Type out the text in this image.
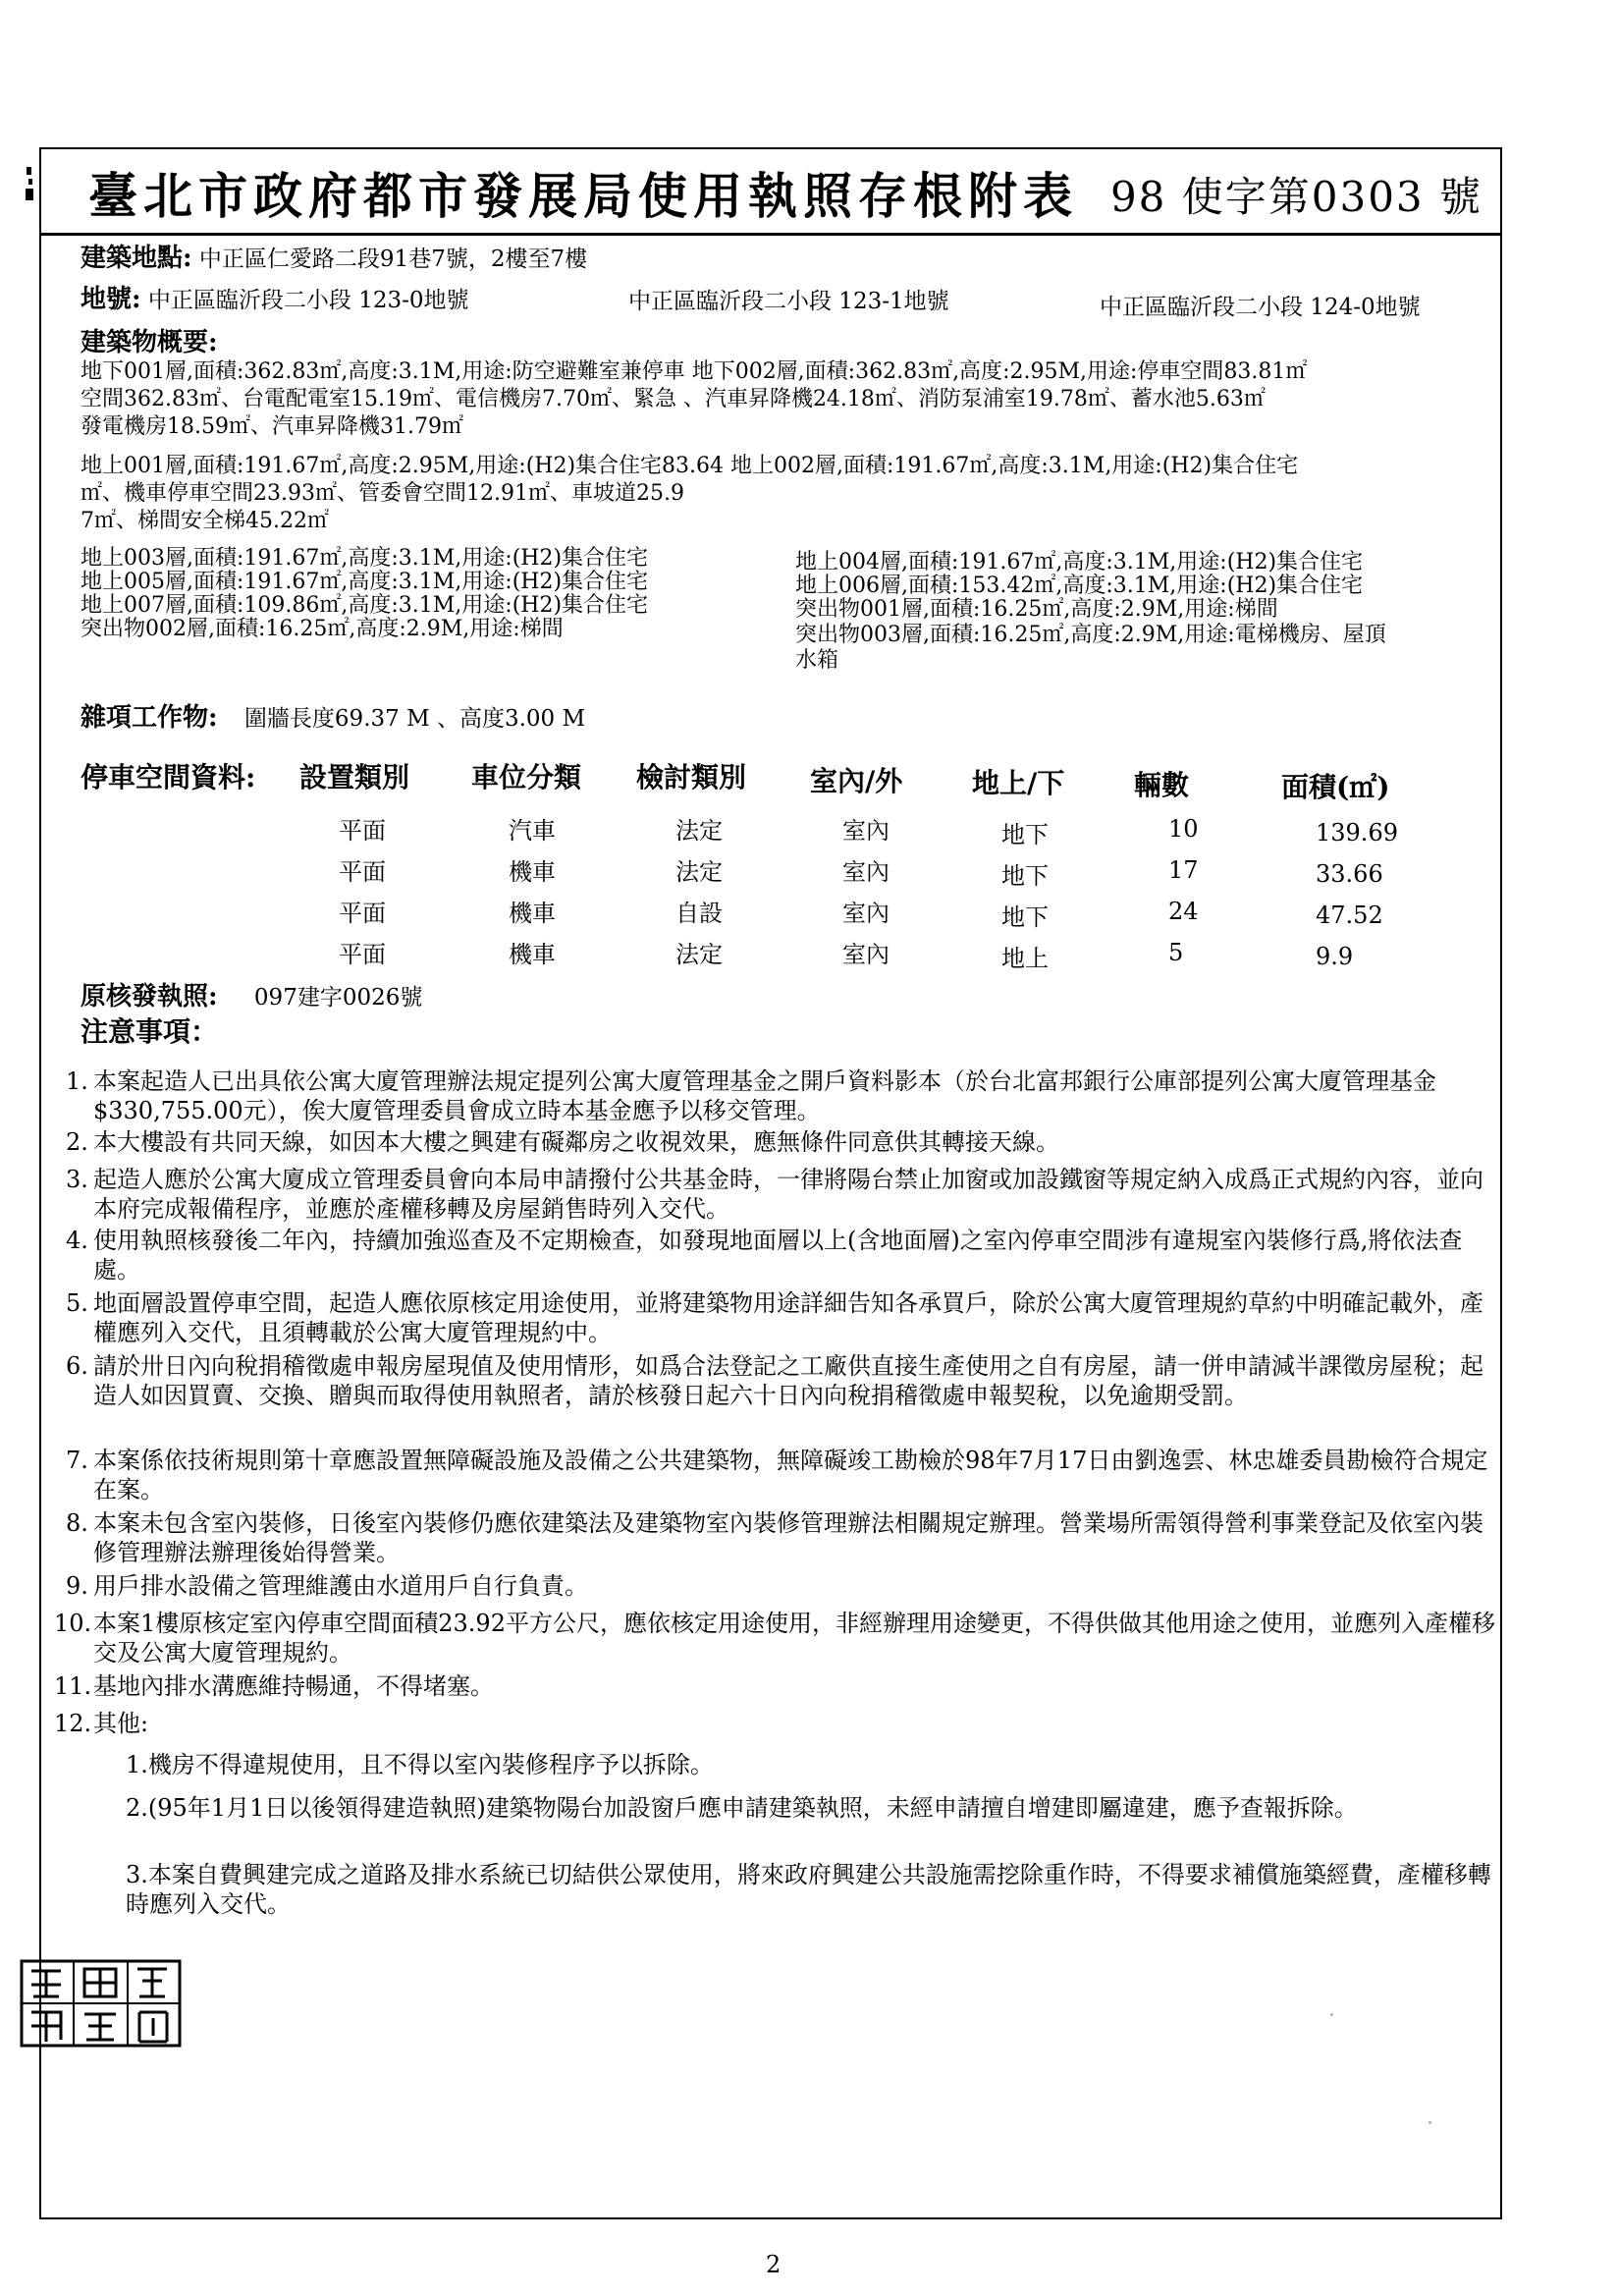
臺北市政府都市發展局使用執照存根附表 98 使字第0303 號
建築地點: 中正區仁愛路二段91巷7號，2樓至7樓
地號: 中正區臨沂段二小段 123-0地號	中正區臨沂段二小段 123-1地號	中正區臨沂段二小段 124-0地號
建築物概要:
地下001層,面積:362.83㎡,高度:3.1M,用途:防空避難室兼停車 地下002層,面積:362.83㎡,高度:2.95M,用途:停車空間83.81㎡
空間362.83㎡、台電配電室15.19㎡、電信機房7.70㎡、緊急 、汽車昇降機24.18㎡、消防泵浦室19.78㎡、蓄水池5.63㎡
發電機房18.59㎡、汽車昇降機31.79㎡
地上001層,面積:191.67㎡,高度:2.95M,用途:(H2)集合住宅83.64 地上002層,面積:191.67㎡,高度:3.1M,用途:(H2)集合住宅
㎡、機車停車空間23.93㎡、管委會空間12.91㎡、車坡道25.9
7㎡、梯間安全梯45.22㎡
地上003層,面積:191.67㎡,高度:3.1M,用途:(H2)集合住宅
地上005層,面積:191.67㎡,高度:3.1M,用途:(H2)集合住宅
地上007層,面積:109.86㎡,高度:3.1M,用途:(H2)集合住宅
突出物002層,面積:16.25㎡,高度:2.9M,用途:梯間
地上004層,面積:191.67㎡,高度:3.1M,用途:(H2)集合住宅
地上006層,面積:153.42㎡,高度:3.1M,用途:(H2)集合住宅
突出物001層,面積:16.25㎡,高度:2.9M,用途:梯間
突出物003層,面積:16.25㎡,高度:2.9M,用途:電梯機房、屋頂
水箱
雜項工作物: 圍牆長度69.37 M 、高度3.00 M
停車空間資料: 設置類別 車位分類 檢討類別 室內/外	地上/下	輛數	面積(㎡)
平面	汽車	法定	室內	地下	10	139.69
平面	機車	法定	室內	地下	17	33.66
平面	機車	自設	室內	地下	24	47.52
平面	機車	法定	室內	地上	5	9.9
原核發執照: 097建字0026號
注意事項：
1. 本案起造人已出具依公寓大廈管理辦法規定提列公寓大廈管理基金之開戶資料影本（於台北富邦銀行公庫部提列公寓大廈管理基金$330,755.00元），俟大廈管理委員會成立時本基金應予以移交管理。
2. 本大樓設有共同天線，如因本大樓之興建有礙鄰房之收視效果，應無條件同意供其轉接天線。
3. 起造人應於公寓大廈成立管理委員會向本局申請撥付公共基金時，一律將陽台禁止加窗或加設鐵窗等規定納入成爲正式規約內容，並向本府完成報備程序，並應於產權移轉及房屋銷售時列入交代。
4. 使用執照核發後二年內，持續加強巡查及不定期檢查，如發現地面層以上(含地面層)之室內停車空間涉有違規室內裝修行爲,將依法查處。
5. 地面層設置停車空間，起造人應依原核定用途使用，並將建築物用途詳細告知各承買戶，除於公寓大廈管理規約草約中明確記載外，產權應列入交代，且須轉載於公寓大廈管理規約中。
6. 請於卅日內向稅捐稽徵處申報房屋現值及使用情形，如爲合法登記之工廠供直接生產使用之自有房屋，請一併申請減半課徵房屋稅；起造人如因買賣、交換、贈與而取得使用執照者，請於核發日起六十日內向稅捐稽徵處申報契稅，以免逾期受罰。
7. 本案係依技術規則第十章應設置無障礙設施及設備之公共建築物，無障礙竣工勘檢於98年7月17日由劉逸雲、林忠雄委員勘檢符合規定在案。
8. 本案未包含室內裝修，日後室內裝修仍應依建築法及建築物室內裝修管理辦法相關規定辦理。營業場所需領得營利事業登記及依室內裝修管理辦法辦理後始得營業。
9. 用戶排水設備之管理維護由水道用戶自行負責。
10. 本案1樓原核定室內停車空間面積23.92平方公尺，應依核定用途使用，非經辦理用途變更，不得供做其他用途之使用，並應列入產權移交及公寓大廈管理規約。
11. 基地內排水溝應維持暢通，不得堵塞。
12. 其他:
1.機房不得違規使用，且不得以室內裝修程序予以拆除。
2.(95年1月1日以後領得建造執照)建築物陽台加設窗戶應申請建築執照，未經申請擅自增建即屬違建，應予查報拆除。
3.本案自費興建完成之道路及排水系統已切結供公眾使用，將來政府興建公共設施需挖除重作時，不得要求補償施築經費，產權移轉時應列入交代。
2
